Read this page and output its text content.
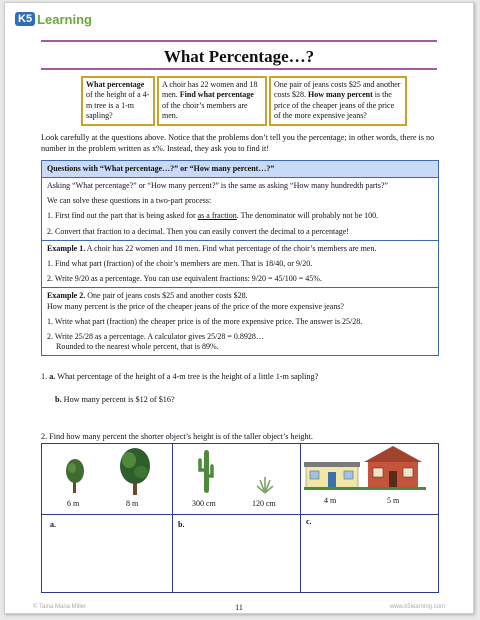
K5 Learning
What Percentage…?
What percentage of the height of a 4-m tree is a 1-m sapling?
A choir has 22 women and 18 men. Find what percentage of the choir’s members are men.
One pair of jeans costs $25 and another costs $28. How many percent is the price of the cheaper jeans of the price of the more expensive jeans?
Look carefully at the questions above. Notice that the problems don’t tell you the percentage; in other words, there is no number in the problem written as x%. Instead, they ask you to find it!
Questions with “What percentage…?” or “How many percent…?”

Asking “What percentage?” or “How many percent?” is the same as asking “How many hundredth parts?”

We can solve these questions in a two-part process:

1. First find out the part that is being asked for as a fraction. The denominator will probably not be 100.

2. Convert that fraction to a decimal. Then you can easily convert the decimal to a percentage!

Example 1. A choir has 22 women and 18 men. Find what percentage of the choir’s members are men.

1. Find what part (fraction) of the choir’s members are men. That is 18/40, or 9/20.

2. Write 9/20 as a percentage. You can use equivalent fractions: 9/20 = 45/100 = 45%.

Example 2. One pair of jeans costs $25 and another costs $28.
How many percent is the price of the cheaper jeans of the price of the more expensive jeans?

1. Write what part (fraction) the cheaper price is of the more expensive price. The answer is 25/28.

2. Write 25/28 as a percentage. A calculator gives 25/28 = 0.8928…
Rounded to the nearest whole percent, that is 89%.

1. a. What percentage of the height of a 4-m tree is the height of a little 1-m sapling?
b. How many percent is $12 of $16?
2. Find how many percent the shorter object’s height is of the taller object’s height.
6 m	8 m
a.
300 cm	120 cm
b.
4 m	5 m
c.
© Taina Maria Miller	11	www.k5learning.com
